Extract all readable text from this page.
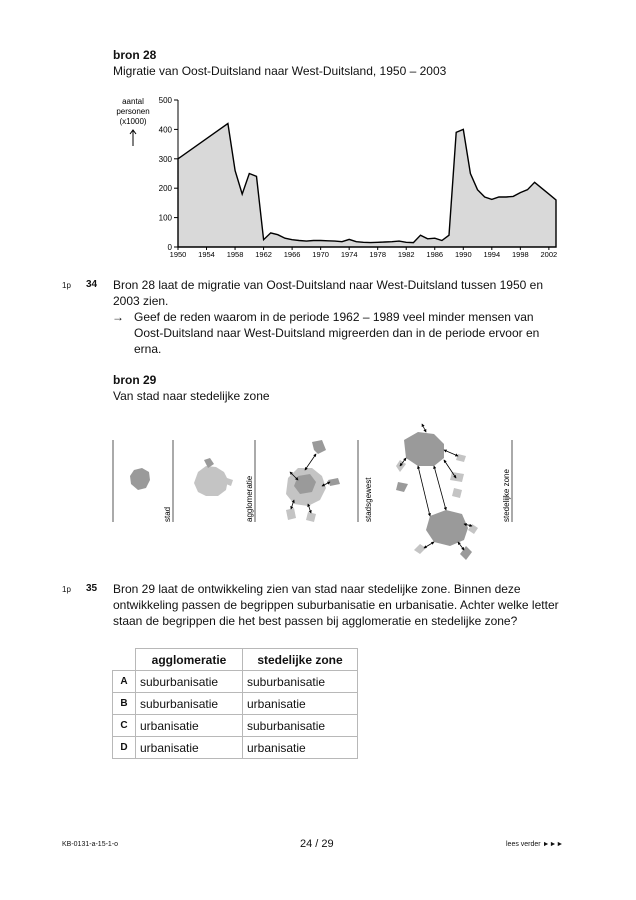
bron 28
Migratie van Oost-Duitsland naar West-Duitsland, 1950 – 2003
aantal
personen
(x1000)
0
100
200
300
400
500
1950 1954 1958 1962 1966 1970 1974 1978 1982 1986 1990 1994 1998 2002
1p 34 Bron 28 laat de migratie van Oost-Duitsland naar West-Duitsland tussen 1950 en 2003 zien.
→ Geef de reden waarom in de periode 1962 – 1989 veel minder mensen van Oost-Duitsland naar West-Duitsland migreerden dan in de periode ervoor en erna.
bron 29
Van stad naar stedelijke zone
stad	agglomeratie	stadsgewest	stedelijke zone
1p 35 Bron 29 laat de ontwikkeling zien van stad naar stedelijke zone. Binnen deze ontwikkeling passen de begrippen suburbanisatie en urbanisatie. Achter welke letter staan de begrippen die het best passen bij agglomeratie en stedelijke zone?
	agglomeratie	stedelijke zone
A	suburbanisatie	suburbanisatie
B	suburbanisatie	urbanisatie
C	urbanisatie	suburbanisatie
D	urbanisatie	urbanisatie
KB-0131-a-15-1-o	24 / 29	lees verder ►►►
